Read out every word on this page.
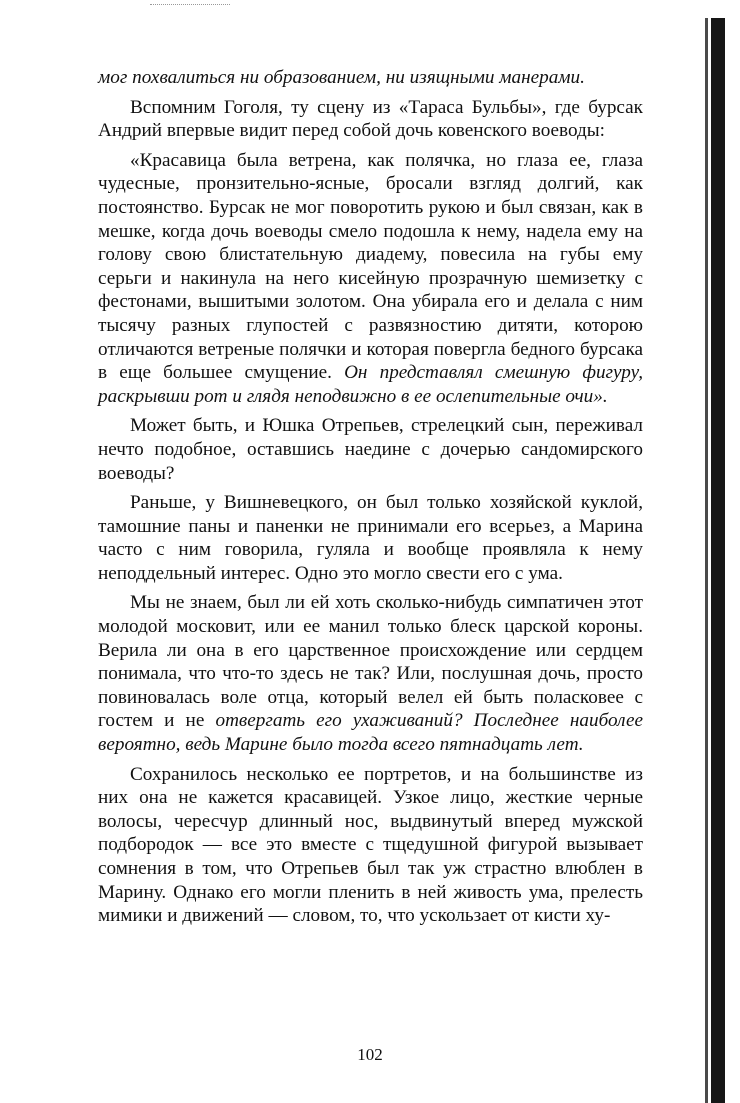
мог похвалиться ни образованием, ни изящными манерами.

Вспомним Гоголя, ту сцену из «Тараса Бульбы», где бурсак Андрий впервые видит перед собой дочь ковенского воеводы:

«Красавица была ветрена, как полячка, но глаза ее, глаза чудесные, пронзительно-ясные, бросали взгляд долгий, как постоянство. Бурсак не мог поворотить рукою и был связан, как в мешке, когда дочь воеводы смело подошла к нему, надела ему на голову свою блистательную диадему, повесила на губы ему серьги и накинула на него кисейную прозрачную шемизетку с фестонами, вышитыми золотом. Она убирала его и делала с ним тысячу разных глупостей с развязностию дитяти, которою отличаются ветреные полячки и которая повергла бедного бурсака в еще большее смущение. Он представлял смешную фигуру, раскрывши рот и глядя неподвижно в ее ослепительные очи».

Может быть, и Юшка Отрепьев, стрелецкий сын, переживал нечто подобное, оставшись наедине с дочерью сандомирского воеводы?

Раньше, у Вишневецкого, он был только хозяйской куклой, тамошние паны и паненки не принимали его всерьез, а Марина часто с ним говорила, гуляла и вообще проявляла к нему неподдельный интерес. Одно это могло свести его с ума.

Мы не знаем, был ли ей хоть сколько-нибудь симпатичен этот молодой московит, или ее манил только блеск царской короны. Верила ли она в его царственное происхождение или сердцем понимала, что что-то здесь не так? Или, послушная дочь, просто повиновалась воле отца, который велел ей быть поласковее с гостем и не отвергать его ухаживаний? Последнее наиболее вероятно, ведь Марине было тогда всего пятнадцать лет.

Сохранилось несколько ее портретов, и на большинстве из них она не кажется красавицей. Узкое лицо, жесткие черные волосы, чересчур длинный нос, выдвинутый вперед мужской подбородок — все это вместе с тщедушной фигурой вызывает сомнения в том, что Отрепьев был так уж страстно влюблен в Марину. Однако его могли пленить в ней живость ума, прелесть мимики и движений — словом, то, что ускользает от кисти ху-

102
